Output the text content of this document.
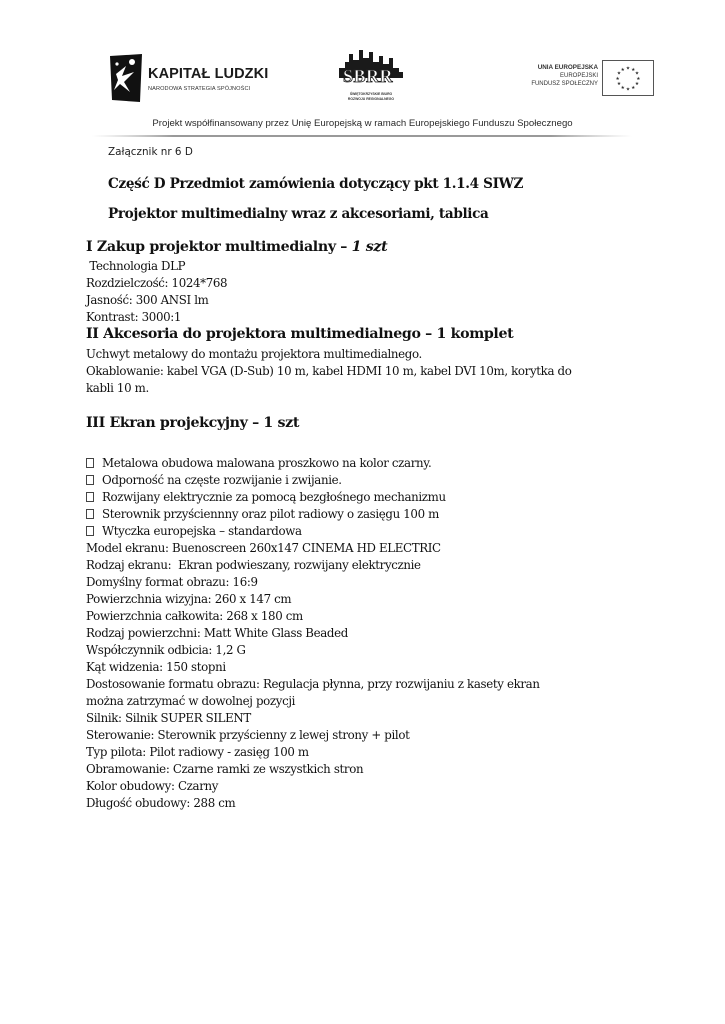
KAPITAŁ LUDZKI
NARODOWA STRATEGIA SPÓJNOŚCI
SBRR
ŚWIĘTOKRZYSKIE BIURO
ROZWOJU REGIONALNEGO
UNIA EUROPEJSKA
EUROPEJSKI
FUNDUSZ SPOŁECZNY
★ ★
★
★
★
★
★
★
★
★
★
★
Projekt współfinansowany przez Unię Europejską w ramach Europejskiego Funduszu Społecznego
Załącznik nr 6 D
Część D Przedmiot zamówienia dotyczący pkt 1.1.4 SIWZ
Projektor multimedialny wraz z akcesoriami, tablica
I Zakup projektor multimedialny – 1 szt
Technologia DLP
Rozdzielczość: 1024*768
Jasność: 300 ANSI lm
Kontrast: 3000:1
II Akcesoria do projektora multimedialnego – 1 komplet
Uchwyt metalowy do montażu projektora multimedialnego.
Okablowanie: kabel VGA (D-Sub) 10 m, kabel HDMI 10 m, kabel DVI 10m, korytka do
kabli 10 m.
III Ekran projekcyjny – 1 szt
Metalowa obudowa malowana proszkowo na kolor czarny.
Odporność na częste rozwijanie i zwijanie.
Rozwijany elektrycznie za pomocą bezgłośnego mechanizmu
Sterownik przyściennny oraz pilot radiowy o zasięgu 100 m
Wtyczka europejska – standardowa
Model ekranu: Buenoscreen 260x147 CINEMA HD ELECTRIC
Rodzaj ekranu:  Ekran podwieszany, rozwijany elektrycznie
Domyślny format obrazu: 16:9
Powierzchnia wizyjna: 260 x 147 cm
Powierzchnia całkowita: 268 x 180 cm
Rodzaj powierzchni: Matt White Glass Beaded
Współczynnik odbicia: 1,2 G
Kąt widzenia: 150 stopni
Dostosowanie formatu obrazu: Regulacja płynna, przy rozwijaniu z kasety ekran
można zatrzymać w dowolnej pozycji
Silnik: Silnik SUPER SILENT
Sterowanie: Sterownik przyścienny z lewej strony + pilot
Typ pilota: Pilot radiowy - zasięg 100 m
Obramowanie: Czarne ramki ze wszystkich stron
Kolor obudowy: Czarny
Długość obudowy: 288 cm
